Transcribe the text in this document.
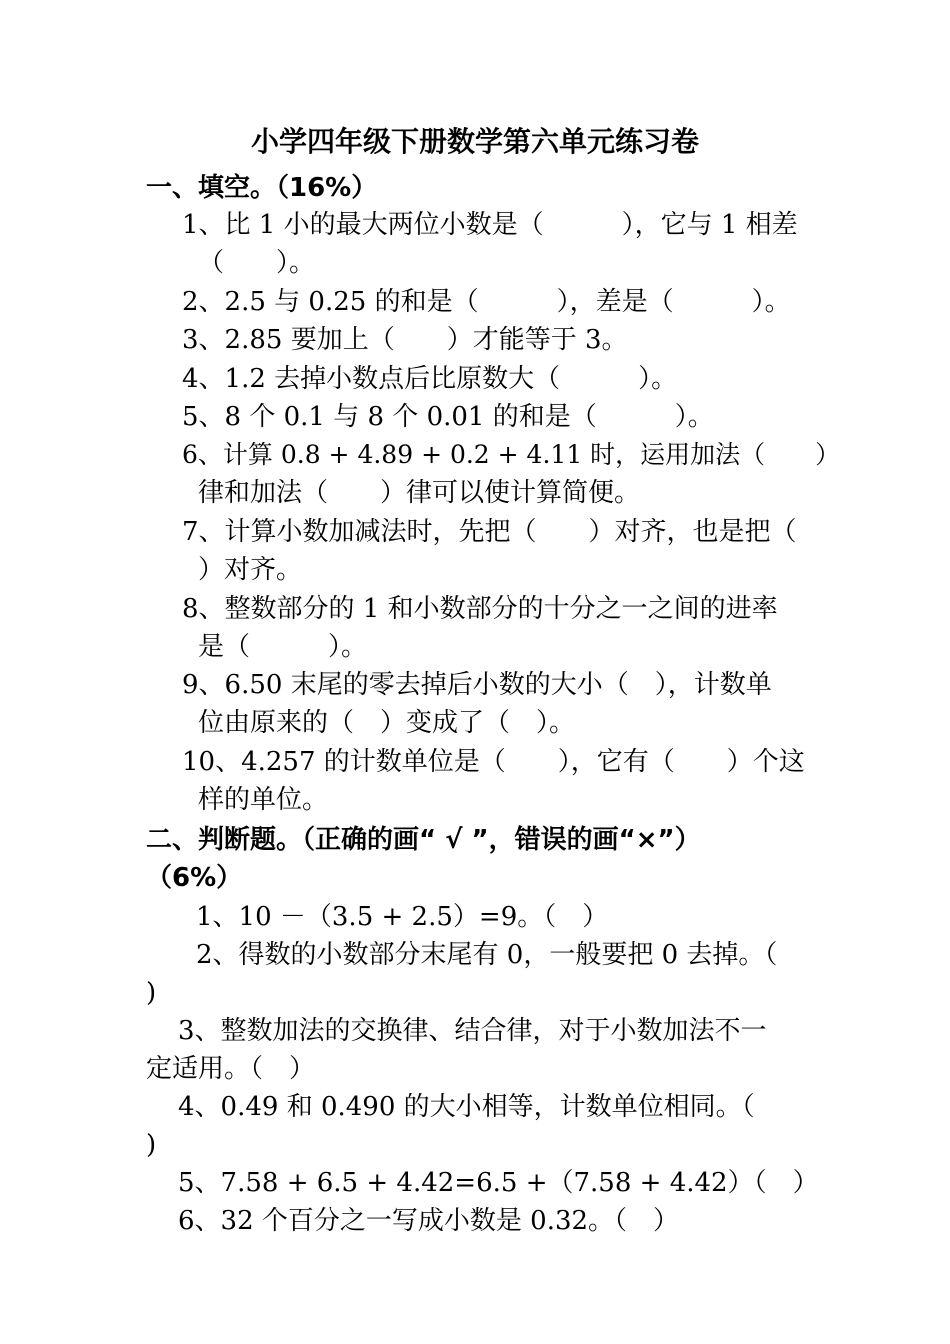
小学四年级下册数学第六单元练习卷
一、填空。（16%）
1、比 1 小的最大两位小数是（　　　），它与 1 相差
（　　）。
2、2.5 与 0.25 的和是（　　　），差是（　　　）。
3、2.85 要加上（　　）才能等于 3。
4、1.2 去掉小数点后比原数大（　　　）。
5、8 个 0.1 与 8 个 0.01 的和是（　　　）。
6、计算 0.8 + 4.89 + 0.2 + 4.11 时，运用加法（　　）
律和加法（　　）律可以使计算简便。
7、计算小数加减法时，先把（　　）对齐，也是把（
）对齐。
8、整数部分的 1 和小数部分的十分之一之间的进率
是（　　　）。
9、6.50 末尾的零去掉后小数的大小（　），计数单
位由原来的（　）变成了（　）。
10、4.257 的计数单位是（　　），它有（　　）个这
样的单位。
二、判断题。（正确的画“ √ ”，错误的画“×”）
（6%）
1、10 －（3.5 + 2.5）=9。（　）
2、得数的小数部分末尾有 0，一般要把 0 去掉。（
)
3、整数加法的交换律、结合律，对于小数加法不一
定适用。（　）
4、0.49 和 0.490 的大小相等，计数单位相同。（
)
5、7.58 + 6.5 + 4.42=6.5 +（7.58 + 4.42）（　）
6、32 个百分之一写成小数是 0.32。（　）
